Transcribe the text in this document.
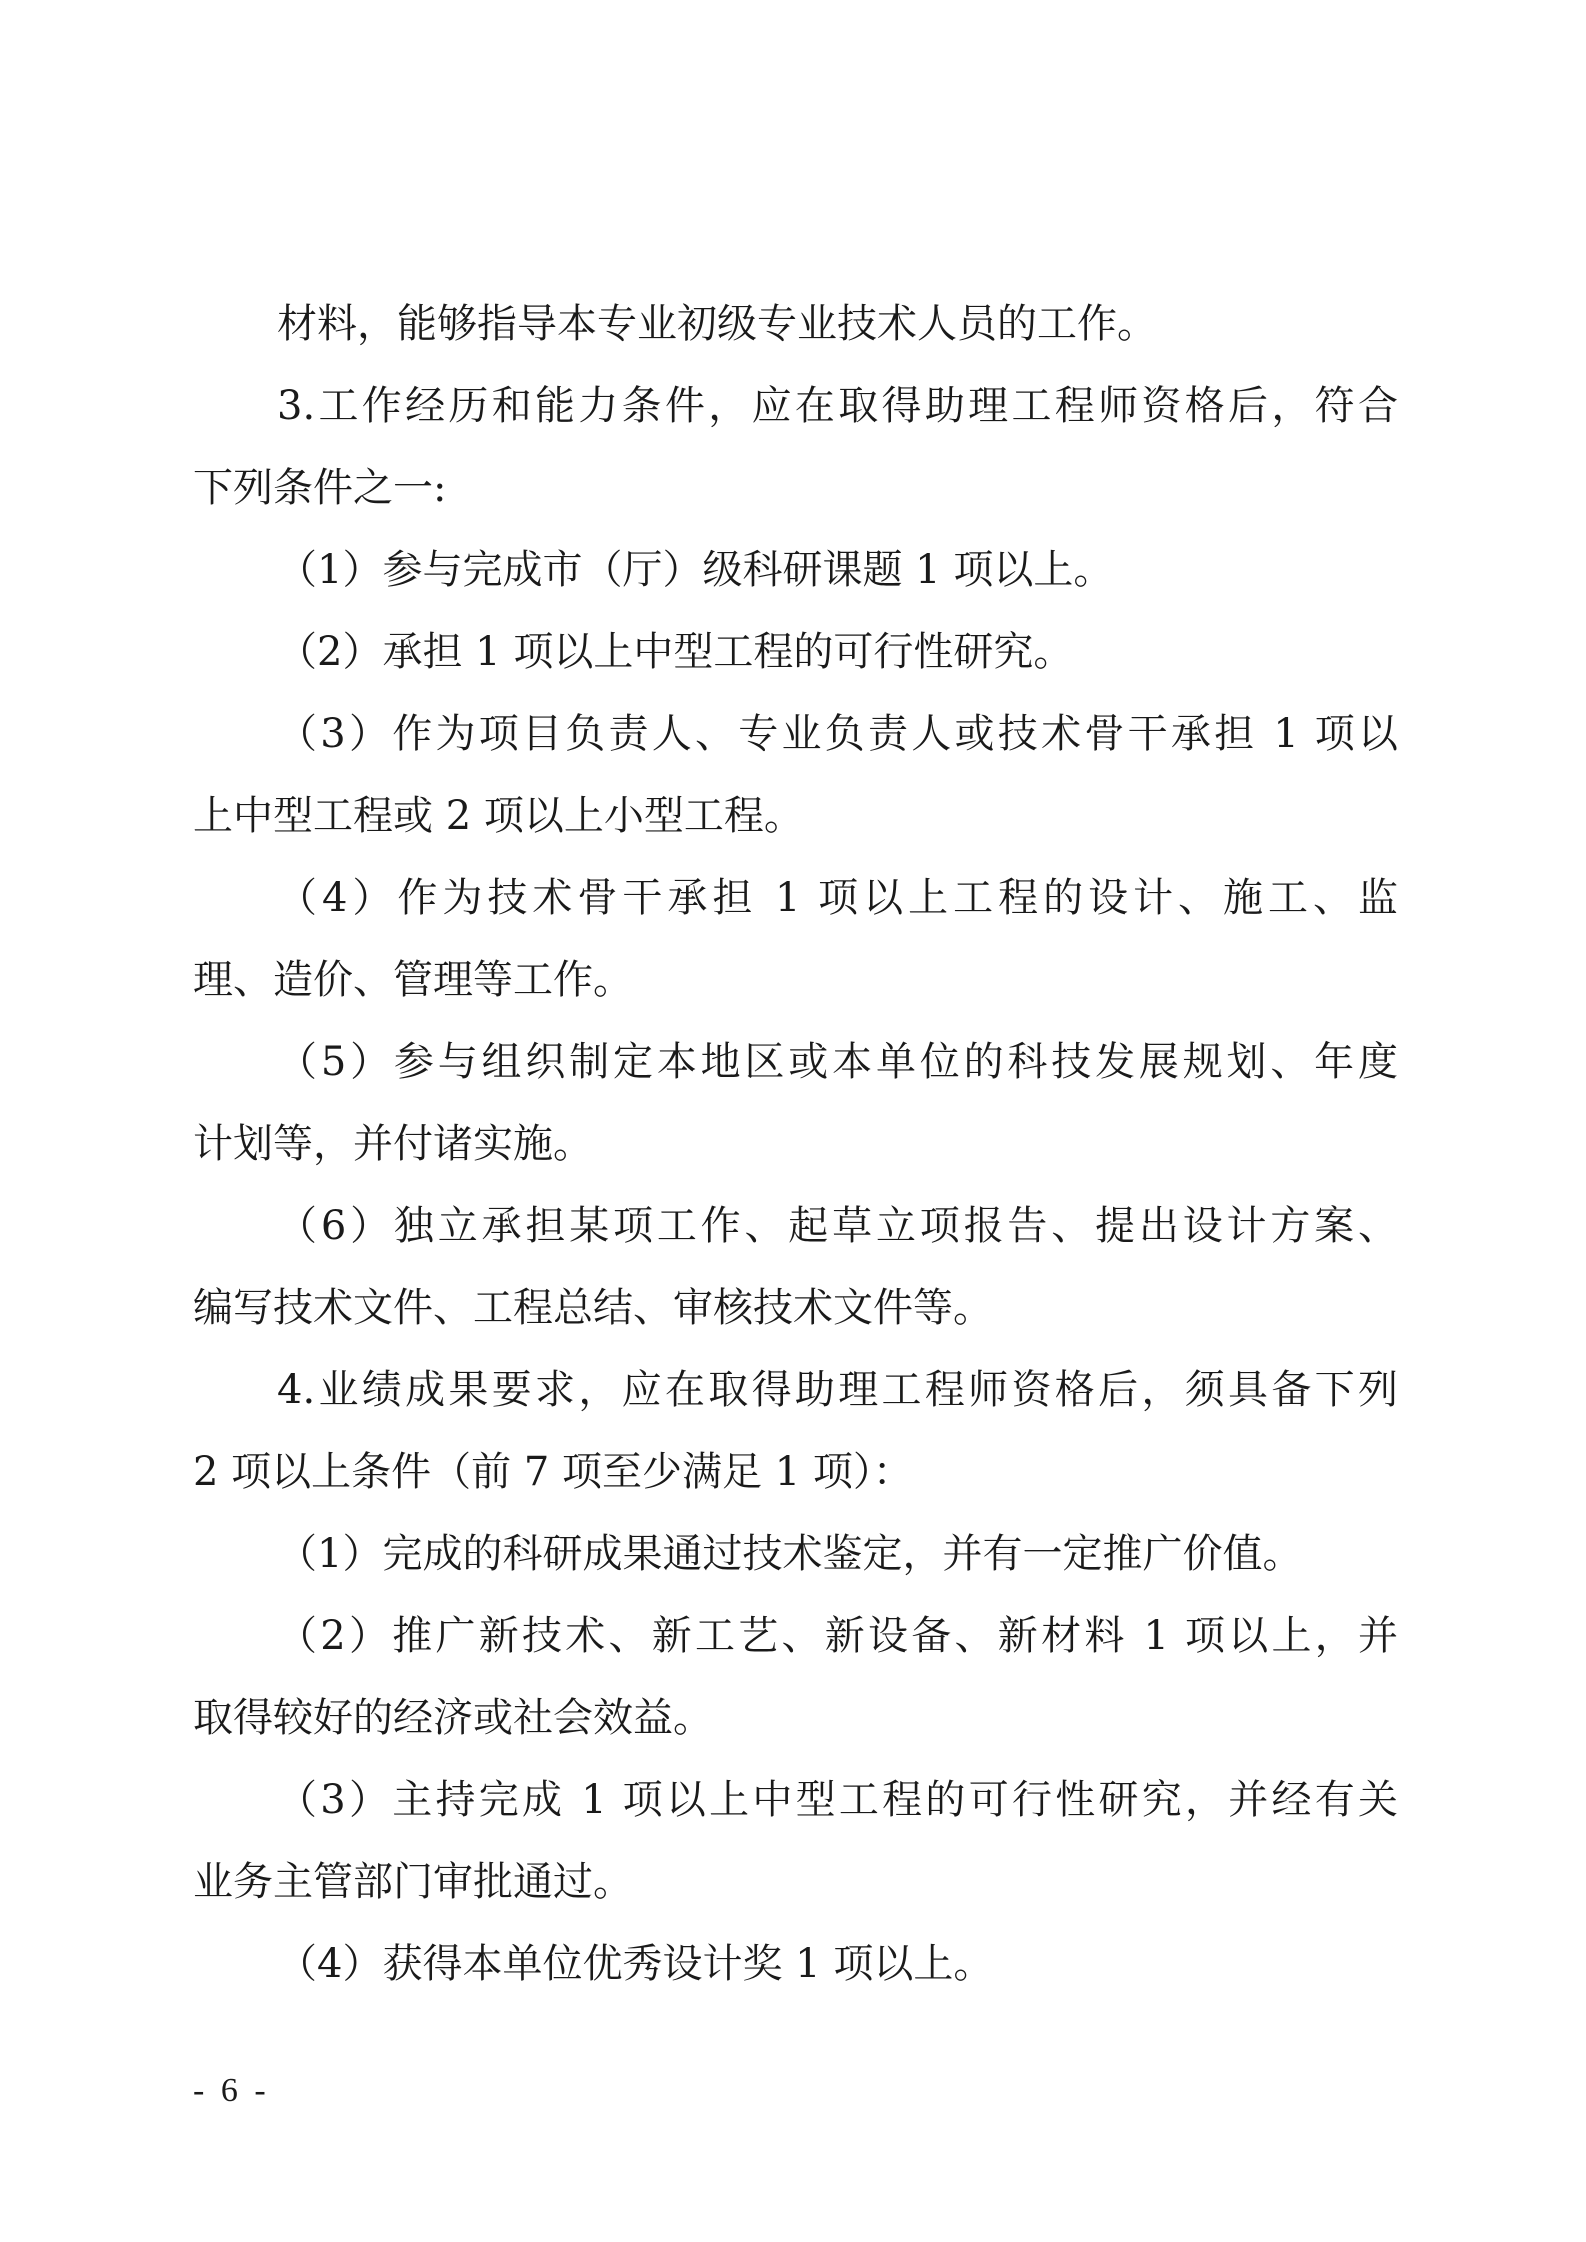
材料，能够指导本专业初级专业技术人员的工作。
3.工作经历和能力条件，应在取得助理工程师资格后，符合
下列条件之一:
（1）参与完成市（厅）级科研课题 1 项以上。
（2）承担 1 项以上中型工程的可行性研究。
（3）作为项目负责人、专业负责人或技术骨干承担 1 项以
上中型工程或 2 项以上小型工程。
（4）作为技术骨干承担 1 项以上工程的设计、施工、监
理、造价、管理等工作。
（5）参与组织制定本地区或本单位的科技发展规划、年度
计划等，并付诸实施。
（6）独立承担某项工作、起草立项报告、提出设计方案、
编写技术文件、工程总结、审核技术文件等。
4.业绩成果要求，应在取得助理工程师资格后，须具备下列
2 项以上条件（前 7 项至少满足 1 项）：
（1）完成的科研成果通过技术鉴定，并有一定推广价值。
（2）推广新技术、新工艺、新设备、新材料 1 项以上，并
取得较好的经济或社会效益。
（3）主持完成 1 项以上中型工程的可行性研究，并经有关
业务主管部门审批通过。
（4）获得本单位优秀设计奖 1 项以上。
- 6 -
